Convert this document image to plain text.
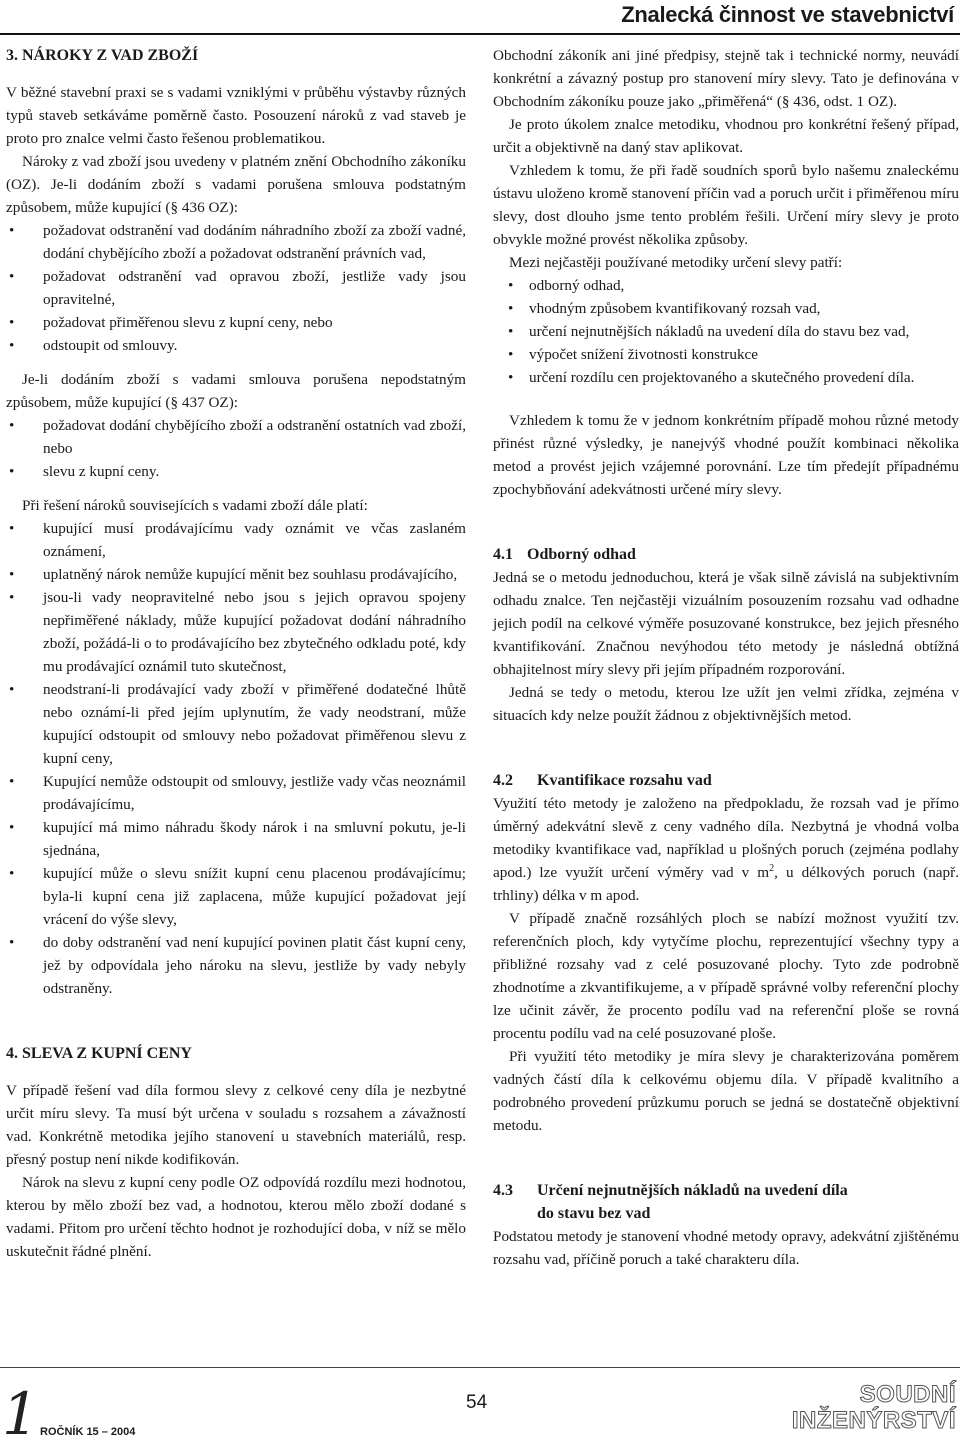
Znalecká činnost ve stavebnictví
3. NÁROKY Z VAD ZBOŽÍ

V běžné stavební praxi se s vadami vzniklými v průběhu výstavby různých typů staveb setkáváme poměrně často. Posouzení nároků z vad staveb je proto pro znalce velmi často řešenou problematikou.

Nároky z vad zboží jsou uvedeny v platném znění Obchodního zákoníku (OZ). Je-li dodáním zboží s vadami porušena smlouva podstatným způsobem, může kupující (§ 436 OZ):

• požadovat odstranění vad dodáním náhradního zboží za zboží vadné, dodání chybějícího zboží a požadovat odstranění právních vad,
• požadovat odstranění vad opravou zboží, jestliže vady jsou opravitelné,
• požadovat přiměřenou slevu z kupní ceny, nebo
• odstoupit od smlouvy.

Je-li dodáním zboží s vadami smlouva porušena nepodstatným způsobem, může kupující (§ 437 OZ):

• požadovat dodání chybějícího zboží a odstranění ostatních vad zboží, nebo
• slevu z kupní ceny.

Při řešení nároků souvisejících s vadami zboží dále platí:

• kupující musí prodávajícímu vady oznámit ve včas zaslaném oznámení,
• uplatněný nárok nemůže kupující měnit bez souhlasu prodávajícího,
• jsou-li vady neopravitelné nebo jsou s jejich opravou spojeny nepřiměřené náklady, může kupující požadovat dodání náhradního zboží, požádá-li o to prodávajícího bez zbytečného odkladu poté, kdy mu prodávající oznámil tuto skutečnost,
• neodstraní-li prodávající vady zboží v přiměřené dodatečné lhůtě nebo oznámí-li před jejím uplynutím, že vady neodstraní, může kupující odstoupit od smlouvy nebo požadovat přiměřenou slevu z kupní ceny,
• Kupující nemůže odstoupit od smlouvy, jestliže vady včas neoznámil prodávajícímu,
• kupující má mimo náhradu škody nárok i na smluvní pokutu, je-li sjednána,
• kupující může o slevu snížit kupní cenu placenou prodávajícímu; byla-li kupní cena již zaplacena, může kupující požadovat její vrácení do výše slevy,
• do doby odstranění vad není kupující povinen platit část kupní ceny, jež by odpovídala jeho nároku na slevu, jestliže by vady nebyly odstraněny.
4. SLEVA Z KUPNÍ CENY

V případě řešení vad díla formou slevy z celkové ceny díla je nezbytné určit míru slevy. Ta musí být určena v souladu s rozsahem a závažností vad. Konkrétně metodika jejího stanovení u stavebních materiálů, resp. přesný postup není nikde kodifikován.

Nárok na slevu z kupní ceny podle OZ odpovídá rozdílu mezi hodnotou, kterou by mělo zboží bez vad, a hodnotou, kterou mělo zboží dodané s vadami. Přitom pro určení těchto hodnot je rozhodující doba, v níž se mělo uskutečnit řádné plnění.

Obchodní zákoník ani jiné předpisy, stejně tak i technické normy, neuvádí konkrétní a závazný postup pro stanovení míry slevy. Tato je definována v Obchodním zákoníku pouze jako „přiměřená“ (§ 436, odst. 1 OZ).

Je proto úkolem znalce metodiku, vhodnou pro konkrétní řešený případ, určit a objektivně na daný stav aplikovat.

Vzhledem k tomu, že při řadě soudních sporů bylo našemu znaleckému ústavu uloženo kromě stanovení příčin vad a poruch určit i přiměřenou míru slevy, dost dlouho jsme tento problém řešili. Určení míry slevy je proto obvykle možné provést několika způsoby.

Mezi nejčastěji používané metodiky určení slevy patří:

• odborný odhad,
• vhodným způsobem kvantifikovaný rozsah vad,
• určení nejnutnějších nákladů na uvedení díla do stavu bez vad,
• výpočet snížení životnosti konstrukce
• určení rozdílu cen projektovaného a skutečného provedení díla.

Vzhledem k tomu že v jednom konkrétním případě mohou různé metody přinést různé výsledky, je nanejvýš vhodné použít kombinaci několika metod a provést jejich vzájemné porovnání. Lze tím předejít případnému zpochybňování adekvátnosti určené míry slevy.

4.1 Odborný odhad

Jedná se o metodu jednoduchou, která je však silně závislá na subjektivním odhadu znalce. Ten nejčastěji vizuálním posouzením rozsahu vad odhadne jejich podíl na celkové výměře posuzované konstrukce, bez jejich přesného kvantifikování. Značnou nevýhodou této metody je následná obtížná obhajitelnost míry slevy při jejím případném rozporování.

Jedná se tedy o metodu, kterou lze užít jen velmi zřídka, zejména v situacích kdy nelze použít žádnou z objektivnějších metod.

4.2 Kvantifikace rozsahu vad

Využití této metody je založeno na předpokladu, že rozsah vad je přímo úměrný adekvátní slevě z ceny vadného díla. Nezbytná je vhodná volba metodiky kvantifikace vad, například u plošných poruch (zejména podlahy apod.) lze využít určení výměry vad v $m^2$, u délkových poruch (např. trhliny) délka v m apod.

V případě značně rozsáhlých ploch se nabízí možnost využití tzv. referenčních ploch, kdy vytyčíme plochu, reprezentující všechny typy a přibližné rozsahy vad z celé posuzované plochy. Tyto zde podrobně zhodnotíme a zkvantifikujeme, a v případě správné volby referenční plochy lze učinit závěr, že procento podílu vad na referenční ploše se rovná procentu podílu vad na celé posuzované ploše.

Při využití této metodiky je míra slevy je charakterizována poměrem vadných částí díla k celkovému objemu díla. V případě kvalitního a podrobného provedení průzkumu poruch se jedná se dostatečně objektivní metodu.

4.3 Určení nejnutnějších nákladů na uvedení díla
do stavu bez vad

Podstatou metody je stanovení vhodné metody opravy, adekvátní zjištěnému rozsahu vad, příčině poruch a také charakteru díla.

1 ROČNÍK 15 – 2004
54	SOUDNÍ
INŽENÝRSTVÍ
